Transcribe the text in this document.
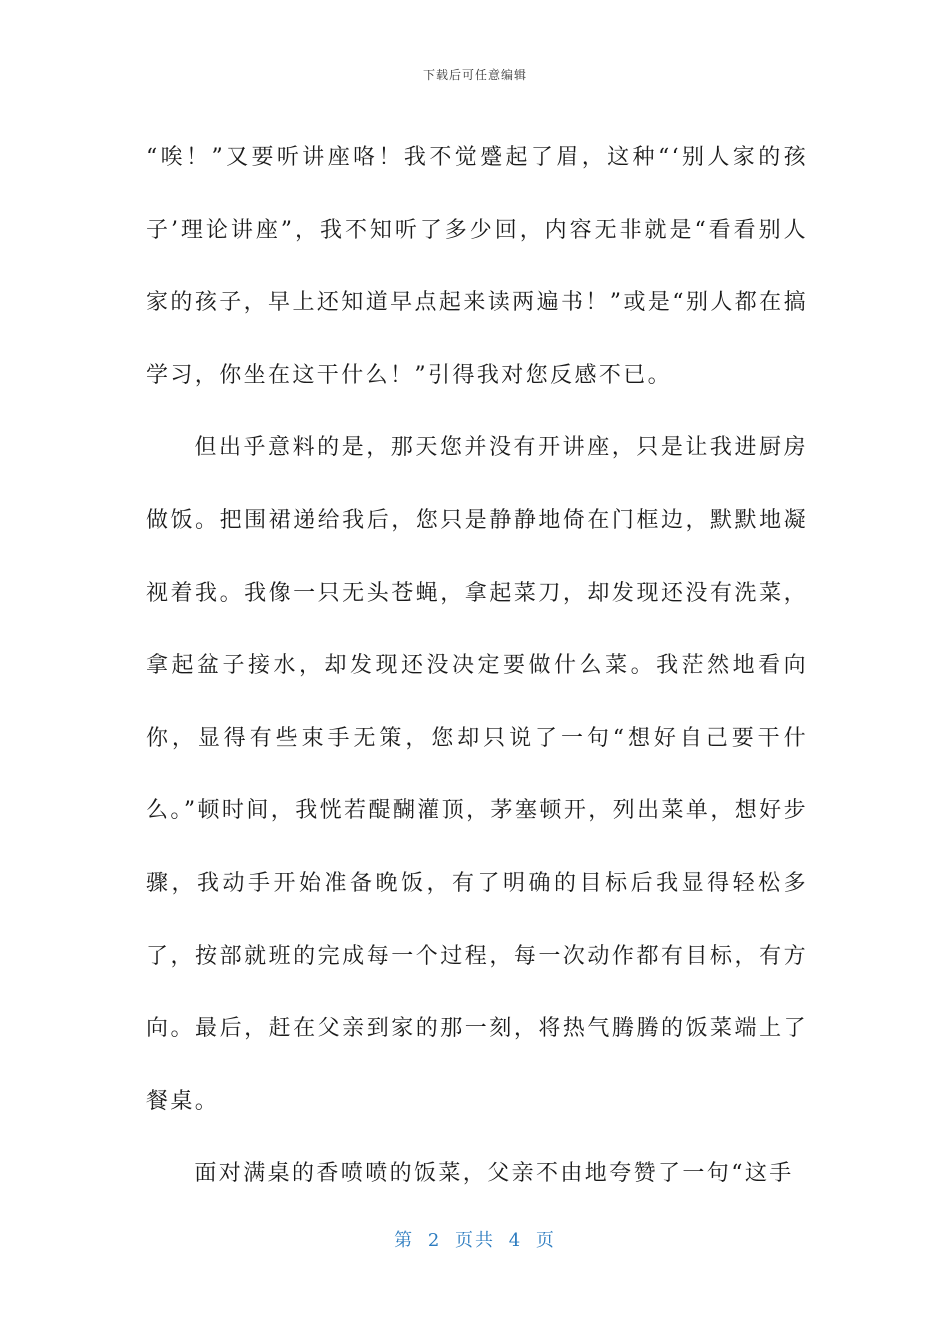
下载后可任意编辑

“唉！”又要听讲座咯！我不觉蹙起了眉，这种“‘别人家的孩子’理论讲座”，我不知听了多少回，内容无非就是“看看别人家的孩子，早上还知道早点起来读两遍书！”或是“别人都在搞学习，你坐在这干什么！”引得我对您反感不已。

但出乎意料的是，那天您并没有开讲座，只是让我进厨房做饭。把围裙递给我后，您只是静静地倚在门框边，默默地凝视着我。我像一只无头苍蝇，拿起菜刀，却发现还没有洗菜，拿起盆子接水，却发现还没决定要做什么菜。我茫然地看向你，显得有些束手无策，您却只说了一句“想好自己要干什么。”顿时间，我恍若醍醐灌顶，茅塞顿开，列出菜单，想好步骤，我动手开始准备晚饭，有了明确的目标后我显得轻松多了，按部就班的完成每一个过程，每一次动作都有目标，有方向。最后，赶在父亲到家的那一刻，将热气腾腾的饭菜端上了餐桌。

面对满桌的香喷喷的饭菜，父亲不由地夸赞了一句“这手

第 2 页共 4 页
